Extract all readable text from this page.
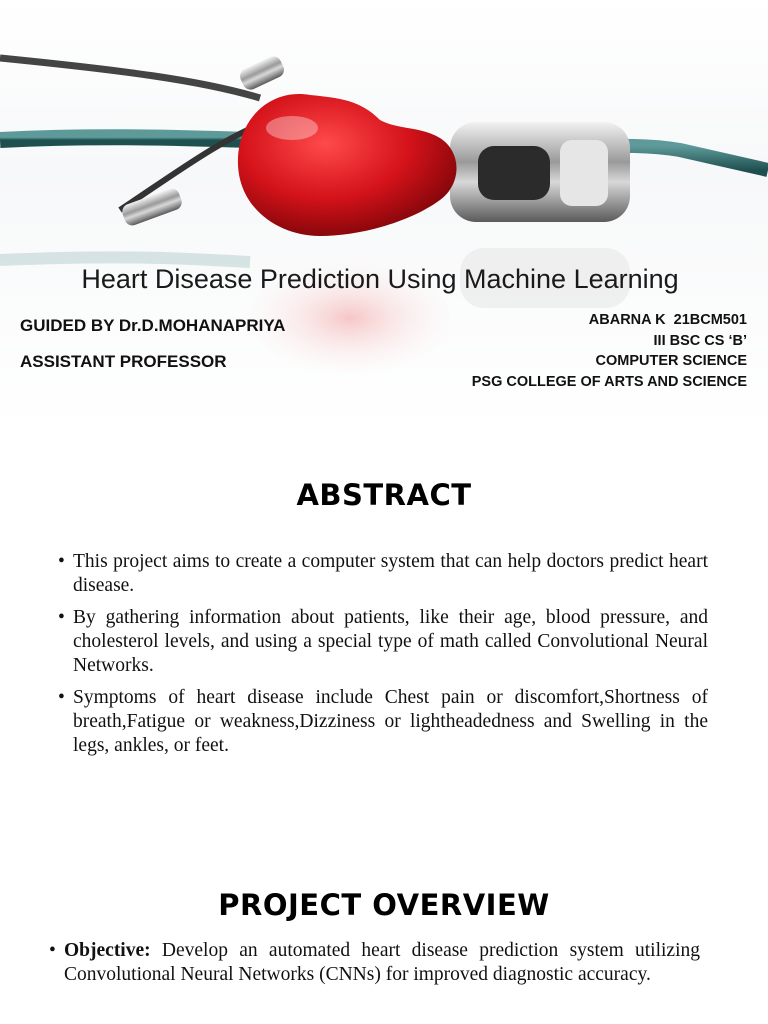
Heart Disease Prediction Using Machine Learning
GUIDED BY Dr.D.MOHANAPRIYA
ASSISTANT PROFESSOR
ABARNA K  21BCM501
III BSC CS ‘B’
COMPUTER SCIENCE
PSG COLLEGE OF ARTS AND SCIENCE
ABSTRACT
• This project aims to create a computer system that can help doctors predict heart disease.
• By gathering information about patients, like their age, blood pressure, and cholesterol levels, and using a special type of math called Convolutional Neural Networks.
• Symptoms of heart disease include Chest pain or discomfort,Shortness of breath,Fatigue or weakness,Dizziness or lightheadedness and Swelling in the legs, ankles, or feet.
PROJECT OVERVIEW
• Objective: Develop an automated heart disease prediction system utilizing Convolutional Neural Networks (CNNs) for improved diagnostic accuracy.
